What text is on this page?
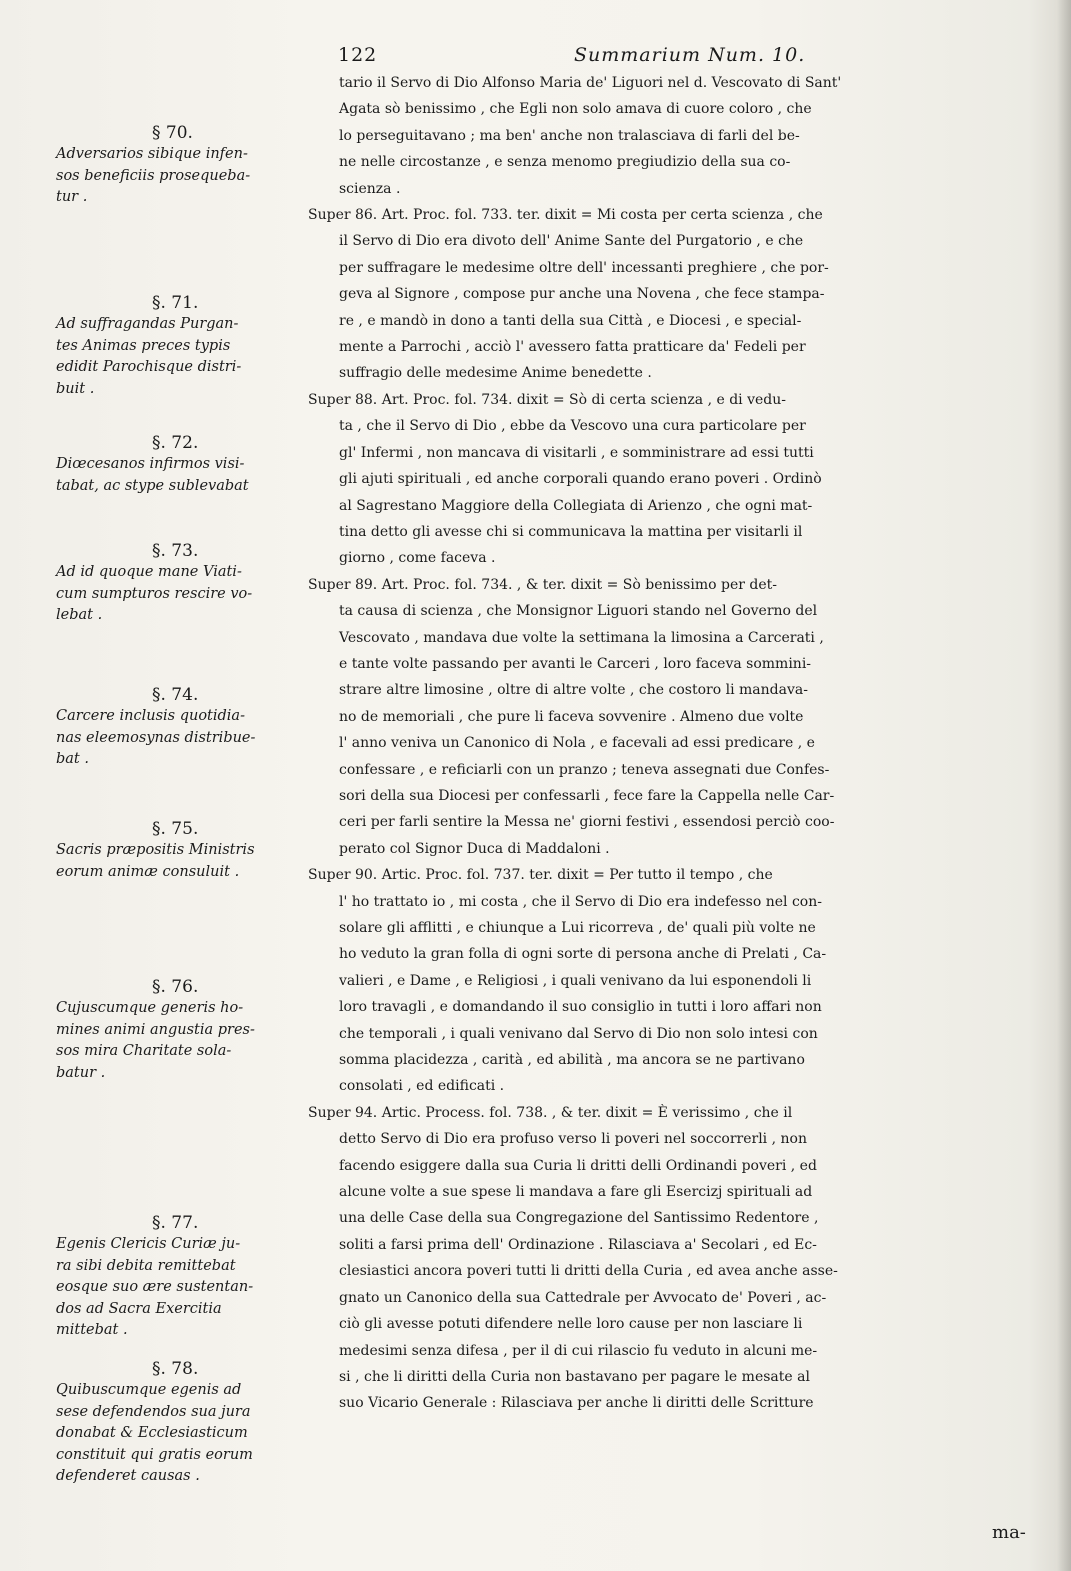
122	Summarium Num. 10.
§ 70.
Adversarios sibique infen-
sos beneficiis prosequeba-
tur .
§. 71.
Ad suffragandas Purgan-
tes Animas preces typis
edidit Parochisque distri-
buit .
§. 72.
Diœcesanos infirmos visi-
tabat, ac stype sublevabat
§. 73.
Ad id quoque mane Viati-
cum sumpturos rescire vo-
lebat .
§. 74.
Carcere inclusis quotidia-
nas eleemosynas distribue-
bat .
§. 75.
Sacris præpositis Ministris
eorum animæ consuluit .
§. 76.
Cujuscumque generis ho-
mines animi angustia pres-
sos mira Charitate sola-
batur .
§. 77.
Egenis Clericis Curiæ ju-
ra sibi debita remittebat
eosque suo ære sustentan-
dos ad Sacra Exercitia
mittebat .
§. 78.
Quibuscumque egenis ad
sese defendendos sua jura
donabat & Ecclesiasticum
constituit qui gratis eorum
defenderet causas .
tario il Servo di Dio Alfonso Maria de' Liguori nel d. Vescovato di Sant'
Agata sò benissimo , che Egli non solo amava di cuore coloro , che
lo perseguitavano ; ma ben' anche non tralasciava di farli del be-
ne nelle circostanze , e senza menomo pregiudizio della sua co-
scienza .
Super 86. Art. Proc. fol. 733. ter. dixit = Mi costa per certa scienza , che
il Servo di Dio era divoto dell' Anime Sante del Purgatorio , e che
per suffragare le medesime oltre dell' incessanti preghiere , che por-
geva al Signore , compose pur anche una Novena , che fece stampa-
re , e mandò in dono a tanti della sua Città , e Diocesi , e special-
mente a Parrochi , acciò l' avessero fatta pratticare da' Fedeli per
suffragio delle medesime Anime benedette .
Super 88. Art. Proc. fol. 734. dixit = Sò di certa scienza , e di vedu-
ta , che il Servo di Dio , ebbe da Vescovo una cura particolare per
gl' Infermi , non mancava di visitarli , e somministrare ad essi tutti
gli ajuti spirituali , ed anche corporali quando erano poveri . Ordinò
al Sagrestano Maggiore della Collegiata di Arienzo , che ogni mat-
tina detto gli avesse chi si communicava la mattina per visitarli il
giorno , come faceva .
Super 89. Art. Proc. fol. 734. , & ter. dixit = Sò benissimo per det-
ta causa di scienza , che Monsignor Liguori stando nel Governo del
Vescovato , mandava due volte la settimana la limosina a Carcerati ,
e tante volte passando per avanti le Carceri , loro faceva sommini-
strare altre limosine , oltre di altre volte , che costoro li mandava-
no de memoriali , che pure li faceva sovvenire . Almeno due volte
l' anno veniva un Canonico di Nola , e facevali ad essi predicare , e
confessare , e reficiarli con un pranzo ; teneva assegnati due Confes-
sori della sua Diocesi per confessarli , fece fare la Cappella nelle Car-
ceri per farli sentire la Messa ne' giorni festivi , essendosi perciò coo-
perato col Signor Duca di Maddaloni .
Super 90. Artic. Proc. fol. 737. ter. dixit = Per tutto il tempo , che
l' ho trattato io , mi costa , che il Servo di Dio era indefesso nel con-
solare gli afflitti , e chiunque a Lui ricorreva , de' quali più volte ne
ho veduto la gran folla di ogni sorte di persona anche di Prelati , Ca-
valieri , e Dame , e Religiosi , i quali venivano da lui esponendoli li
loro travagli , e domandando il suo consiglio in tutti i loro affari non
che temporali , i quali venivano dal Servo di Dio non solo intesi con
somma placidezza , carità , ed abilità , ma ancora se ne partivano
consolati , ed edificati .
Super 94. Artic. Process. fol. 738. , & ter. dixit = È verissimo , che il
detto Servo di Dio era profuso verso li poveri nel soccorrerli , non
facendo esiggere dalla sua Curia li dritti delli Ordinandi poveri , ed
alcune volte a sue spese li mandava a fare gli Esercizj spirituali ad
una delle Case della sua Congregazione del Santissimo Redentore ,
soliti a farsi prima dell' Ordinazione . Rilasciava a' Secolari , ed Ec-
clesiastici ancora poveri tutti li dritti della Curia , ed avea anche asse-
gnato un Canonico della sua Cattedrale per Avvocato de' Poveri , ac-
ciò gli avesse potuti difendere nelle loro cause per non lasciare li
medesimi senza difesa , per il di cui rilascio fu veduto in alcuni me-
si , che li diritti della Curia non bastavano per pagare le mesate al
suo Vicario Generale : Rilasciava per anche li diritti delle Scritture
ma-
